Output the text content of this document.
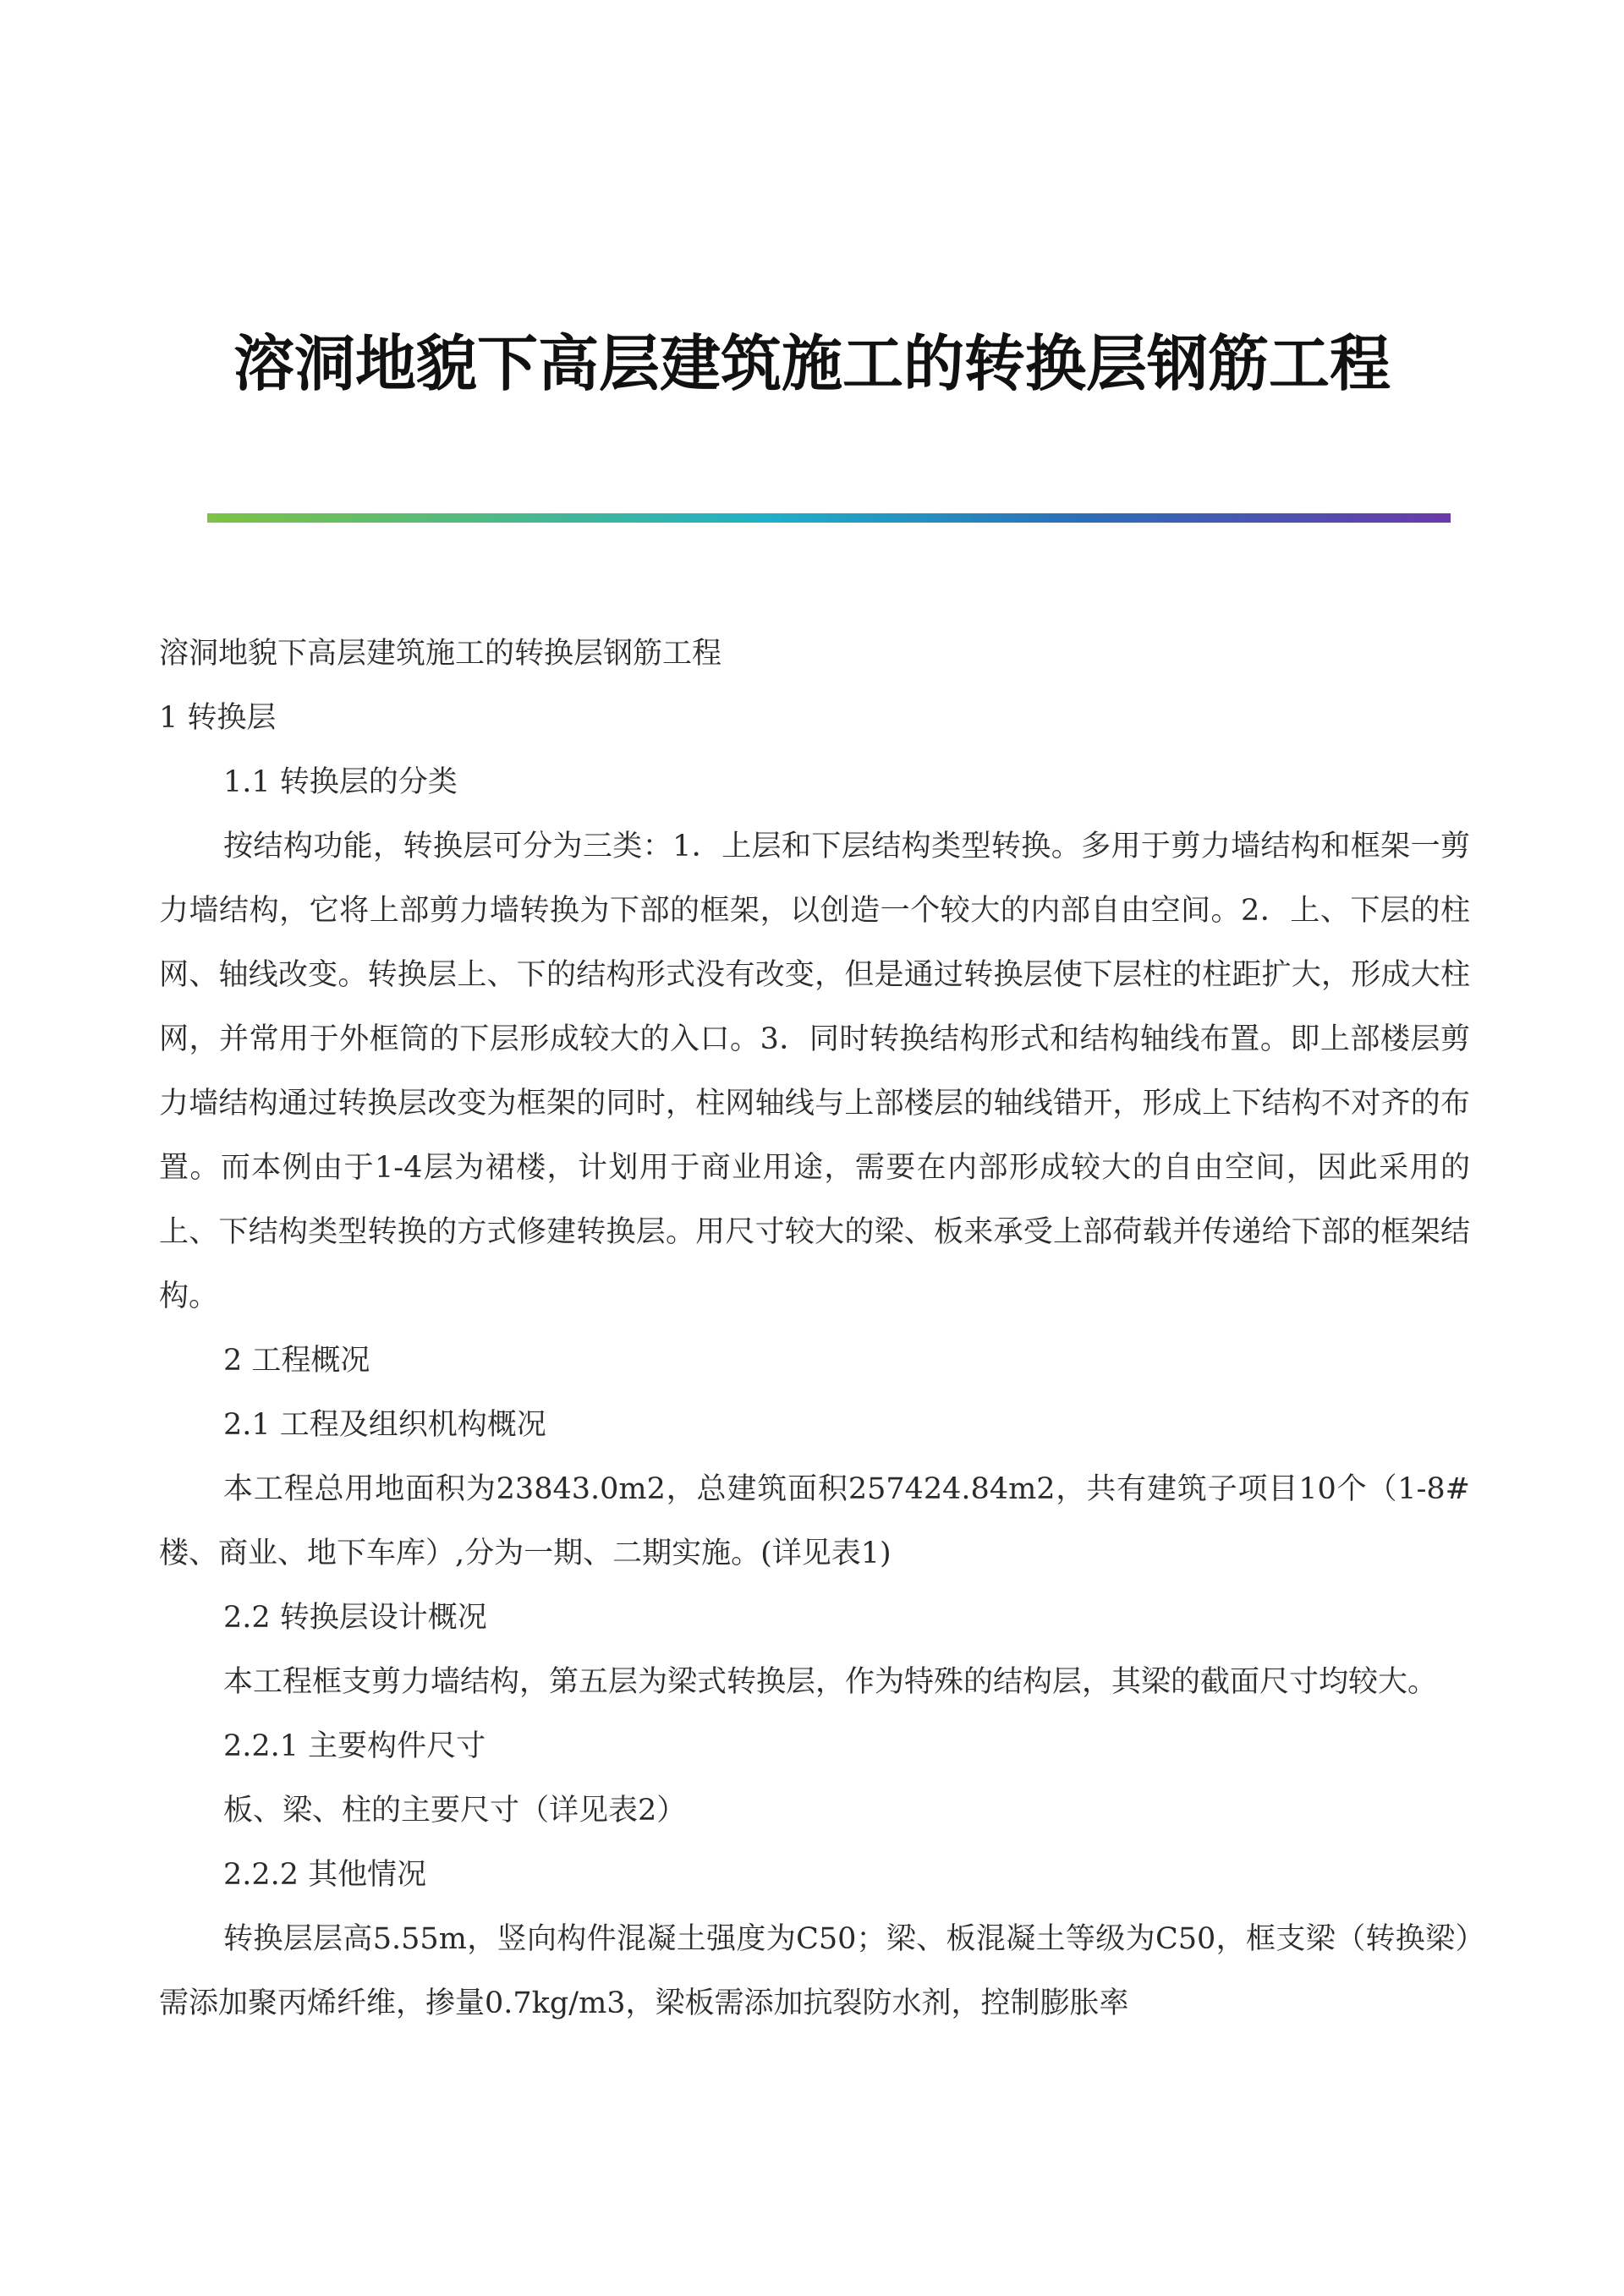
溶洞地貌下高层建筑施工的转换层钢筋工程

溶洞地貌下高层建筑施工的转换层钢筋工程

1 转换层

1.1 转换层的分类

按结构功能，转换层可分为三类：1．上层和下层结构类型转换。多用于剪力墙结构和框架一剪力墙结构，它将上部剪力墙转换为下部的框架，以创造一个较大的内部自由空间。2．上、下层的柱网、轴线改变。转换层上、下的结构形式没有改变，但是通过转换层使下层柱的柱距扩大，形成大柱网，并常用于外框筒的下层形成较大的入口。3．同时转换结构形式和结构轴线布置。即上部楼层剪力墙结构通过转换层改变为框架的同时，柱网轴线与上部楼层的轴线错开，形成上下结构不对齐的布置。而本例由于1-4层为裙楼，计划用于商业用途，需要在内部形成较大的自由空间，因此采用的上、下结构类型转换的方式修建转换层。用尺寸较大的梁、板来承受上部荷载并传递给下部的框架结构。

2 工程概况

2.1 工程及组织机构概况

本工程总用地面积为23843.0m2，总建筑面积257424.84m2，共有建筑子项目10个（1-8#楼、商业、地下车库）,分为一期、二期实施。(详见表1)

2.2 转换层设计概况

本工程框支剪力墙结构，第五层为梁式转换层，作为特殊的结构层，其梁的截面尺寸均较大。

2.2.1 主要构件尺寸

板、梁、柱的主要尺寸（详见表2）

2.2.2 其他情况

转换层层高5.55m，竖向构件混凝土强度为C50；梁、板混凝土等级为C50，框支梁（转换梁）需添加聚丙烯纤维，掺量0.7kg/m3，梁板需添加抗裂防水剂，控制膨胀率
